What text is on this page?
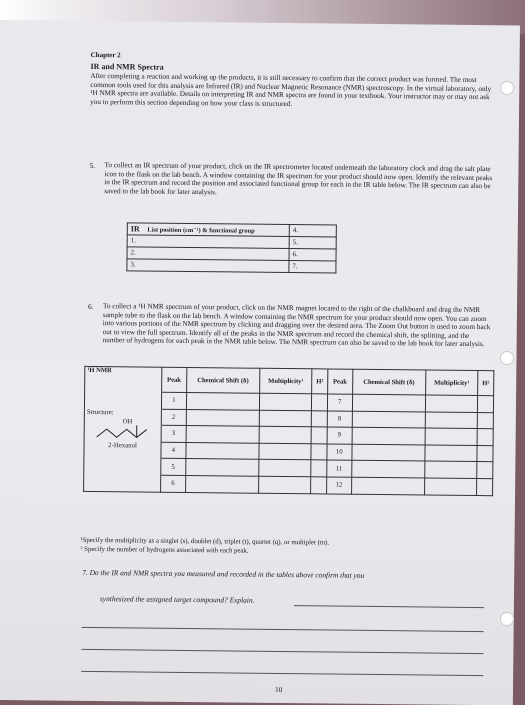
Chapter 2
IR and NMR Spectra
After completing a reaction and working up the products, it is still necessary to confirm that the correct product was formed. The most common tools used for this analysis are Infrared (IR) and Nuclear Magnetic Resonance (NMR) spectroscopy. In the virtual laboratory, only ¹H NMR spectra are available. Details on interpreting IR and NMR spectra are found in your textbook. Your instructor may or may not ask you to perform this section depending on how your class is structured.
5. To collect an IR spectrum of your product, click on the IR spectrometer located underneath the laboratory clock and drag the salt plate icon to the flask on the lab bench. A window containing the IR spectrum for your product should now open. Identify the relevant peaks in the IR spectrum and record the position and associated functional group for each in the IR table below. The IR spectrum can also be saved to the lab book for later analysis.
IR List position (cm⁻¹) & functional group	4.
1.	5.
2.	6.
3.	7.
6. To collect a ¹H NMR spectrum of your product, click on the NMR magnet located to the right of the chalkboard and drag the NMR sample tube to the flask on the lab bench. A window containing the NMR spectrum for your product should now open. You can zoom into various portions of the NMR spectrum by clicking and dragging over the desired area. The Zoom Out button is used to zoom back out to view the full spectrum. Identify all of the peaks in the NMR spectrum and record the chemical shift, the splitting, and the number of hydrogens for each peak in the NMR table below. The NMR spectrum can also be saved to the lab book for later analysis.
¹H NMR	Peak	Chemical Shift (δ)	Multiplicity¹	H²	Peak	Chemical Shift (δ)	Multiplicity¹	H²
	1				7			
Structure:	2				8			

OH	3				9			
2-Hexanol	4				10			
	5				11			
	6				12			
¹Specify the multiplicity as a singlet (s), doublet (d), triplet (t), quartet (q), or multiplet (m).
² Specify the number of hydrogens associated with each peak.
7. Do the IR and NMR spectra you measured and recorded in the tables above confirm that you
synthesized the assigned target compound? Explain.
10
